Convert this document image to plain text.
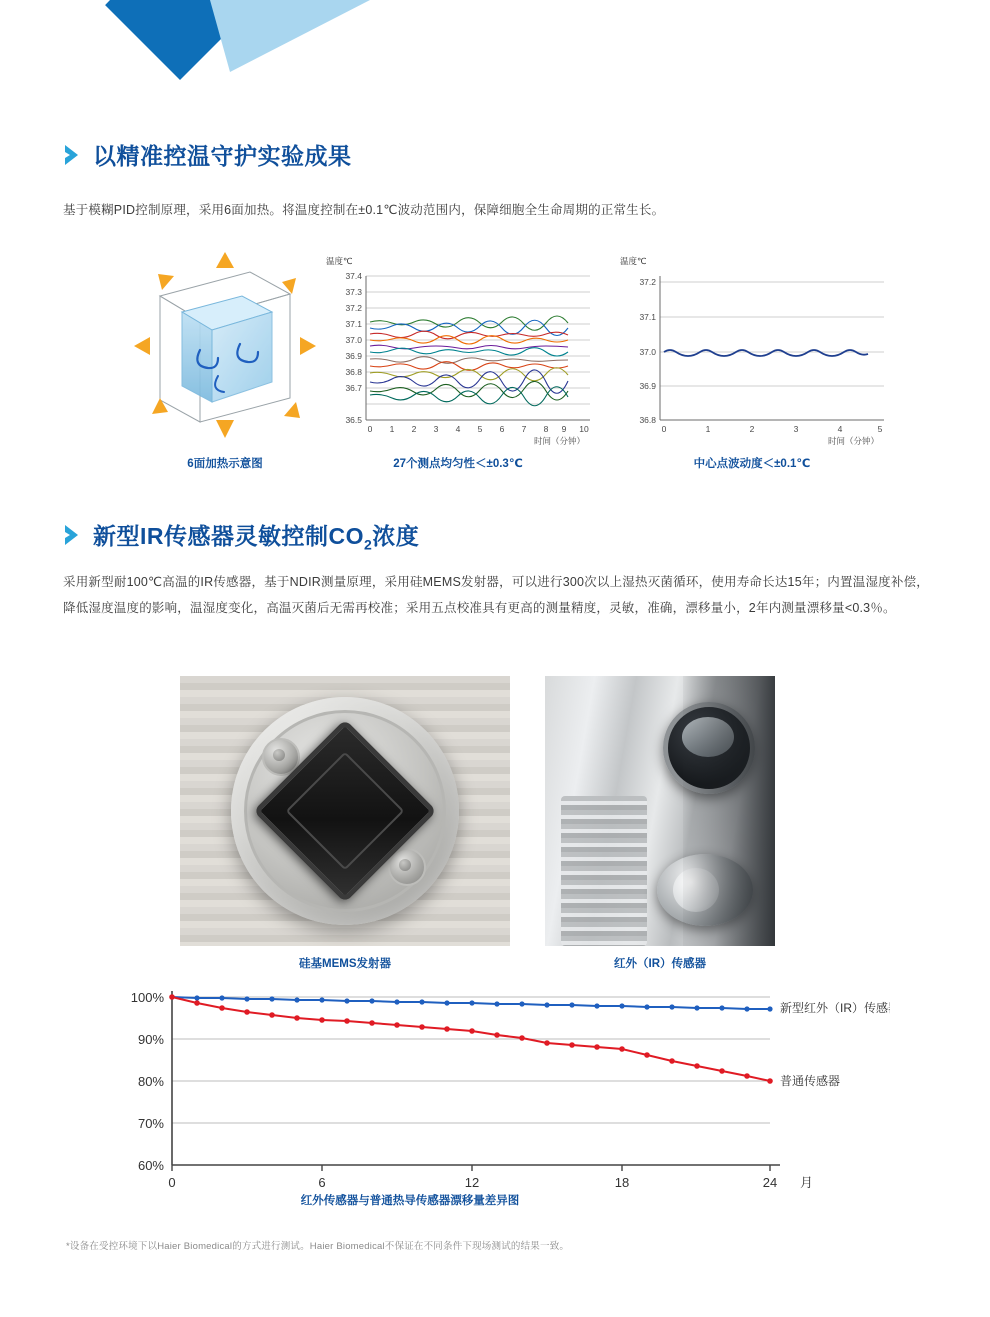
以精准控温守护实验成果
基于模糊PID控制原理，采用6面加热。将温度控制在±0.1℃波动范围内，保障细胞全生命周期的正常生长。
6面加热示意图
温度℃
37.4
37.3
37.2
37.1
37.0
36.9
36.8
36.7
36.5
0 1 2 3 4 5 6 7 8 9 10
时间（分钟）
27个测点均匀性＜±0.3℃
温度℃
37.2
37.1
37.0
36.9
36.8
0	1	2	3	4	5
时间（分钟）
中心点波动度＜±0.1℃
新型IR传感器灵敏控制$CO_2$浓度
采用新型耐100℃高温的IR传感器，基于NDIR测量原理，采用硅MEMS发射器，可以进行300次以上湿热灭菌循环，使用寿命长达15年；内置温湿度补偿，降低湿度温度的影响，温湿度变化，高温灭菌后无需再校准；采用五点校准具有更高的测量精度，灵敏，准确，漂移量小，2年内测量漂移量<0.3％。
硅基MEMS发射器	红外（IR）传感器
100%
90%
80%
70%
60%
0	6	12	18	24 月
新型红外（IR）传感器
普通传感器
红外传感器与普通热导传感器漂移量差异图
*设备在受控环境下以Haier Biomedical的方式进行测试。Haier Biomedical不保证在不同条件下现场测试的结果一致。
